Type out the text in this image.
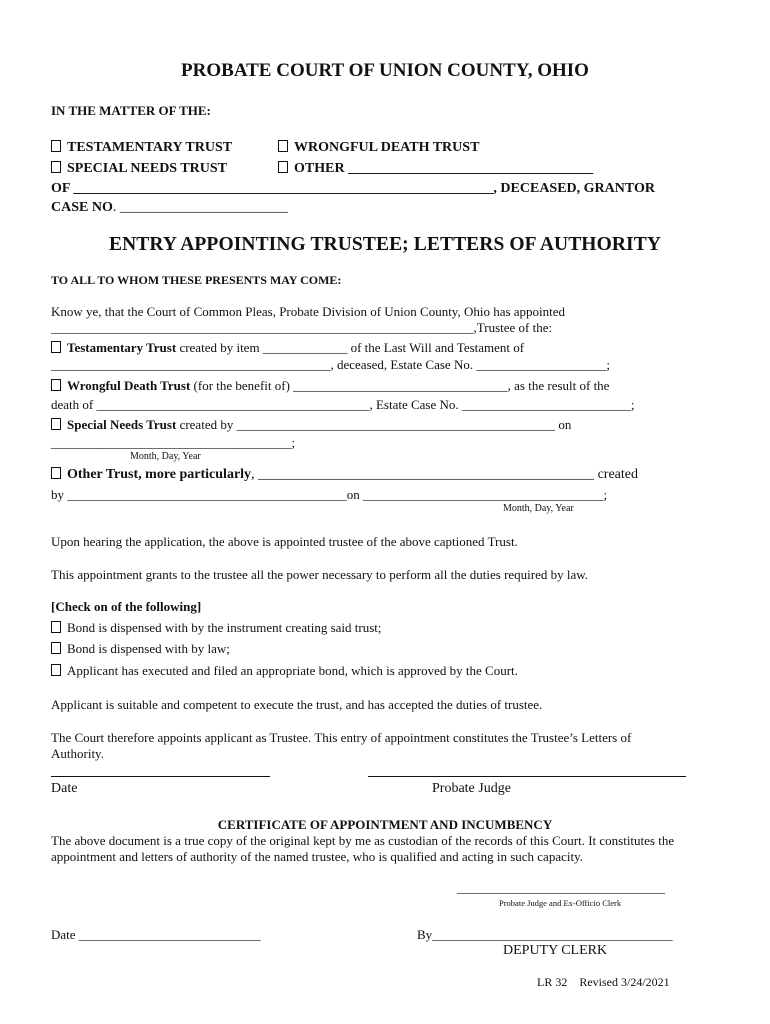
PROBATE COURT OF UNION COUNTY, OHIO
IN THE MATTER OF THE:
TESTAMENTARY TRUST	WRONGFUL DEATH TRUST
SPECIAL NEEDS TRUST	OTHER ___________________________________
OF ____________________________________________________________, DECEASED, GRANTOR
CASE NO. ________________________
ENTRY APPOINTING TRUSTEE; LETTERS OF AUTHORITY
TO ALL TO WHOM THESE PRESENTS MAY COME:
Know ye, that the Court of Common Pleas, Probate Division of Union County, Ohio has appointed
_________________________________________________________________,Trustee of the:
Testamentary Trust created by item _____________ of the Last Will and Testament of
___________________________________________, deceased, Estate Case No. ____________________;
Wrongful Death Trust (for the benefit of) _________________________________, as the result of the
death of __________________________________________, Estate Case No. __________________________;
Special Needs Trust created by _________________________________________________ on
_____________________________________;
Month, Day, Year
Other Trust, more particularly, ________________________________________________ created
by ___________________________________________on _____________________________________;
Month, Day, Year
Upon hearing the application, the above is appointed trustee of the above captioned Trust.
This appointment grants to the trustee all the power necessary to perform all the duties required by law.
[Check on of the following]
Bond is dispensed with by the instrument creating said trust;
Bond is dispensed with by law;
Applicant has executed and filed an appropriate bond, which is approved by the Court.
Applicant is suitable and competent to execute the trust, and has accepted the duties of trustee.
The Court therefore appoints applicant as Trustee. This entry of appointment constitutes the Trustee’s Letters of
Authority.
Date	Probate Judge
CERTIFICATE OF APPOINTMENT AND INCUMBENCY
The above document is a true copy of the original kept by me as custodian of the records of this Court. It constitutes the
appointment and letters of authority of the named trustee, who is qualified and acting in such capacity.
________________________________
Probate Judge and Ex-Officio Clerk
Date ____________________________	By_____________________________________
DEPUTY CLERK
LR 32    Revised 3/24/2021
